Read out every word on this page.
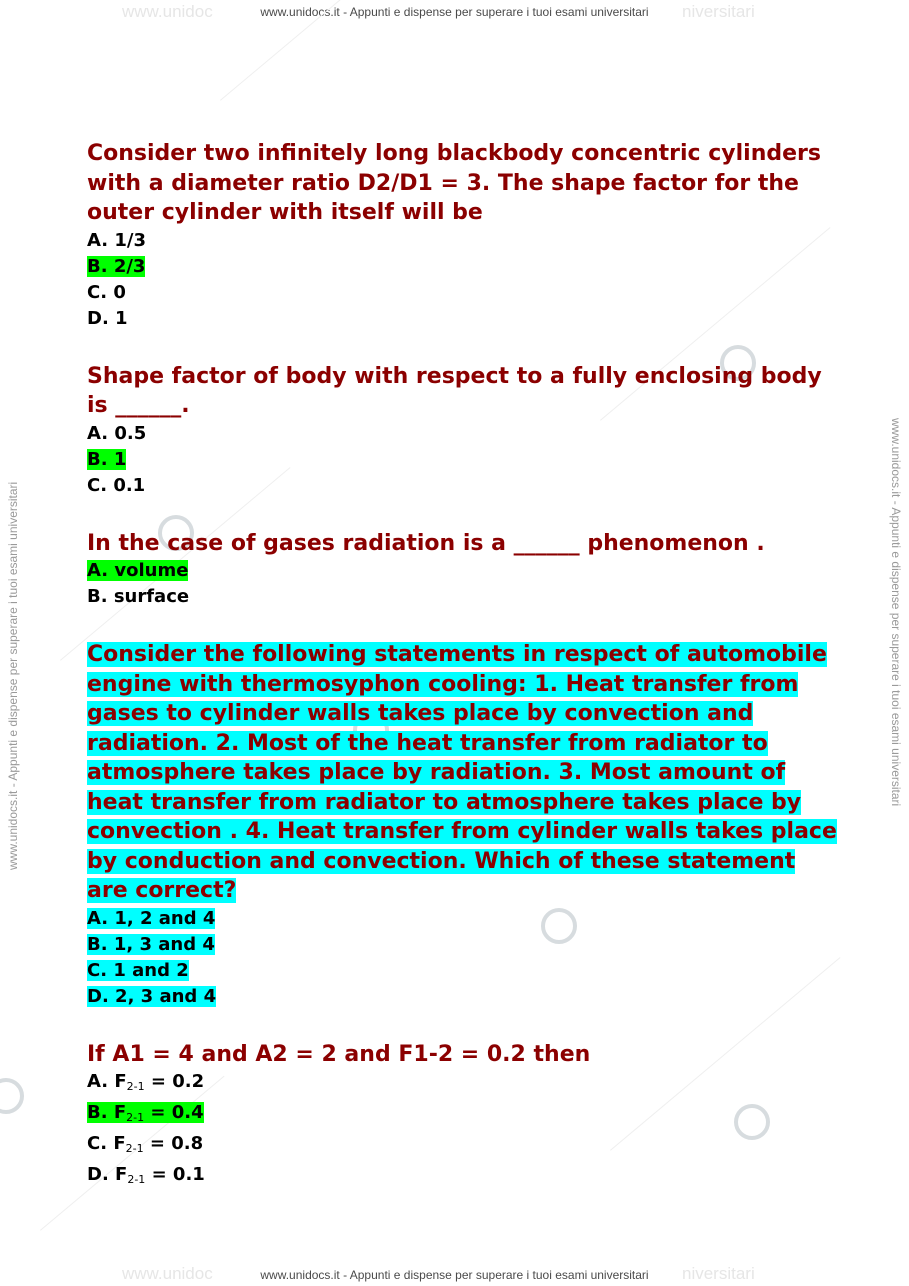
www.unidoc	niversitari
www.unidocs.it - Appunti e dispense per superare i tuoi esami universitari
www.unidoc	niversitari
www.unidocs.it - Appunti e dispense per superare i tuoi esami universitari
www.unidocs.it - Appunti e dispense per superare i tuoi esami universitari	www.unidocs.it - Appunti e dispense per superare i tuoi esami universitari

Consider two infinitely long blackbody concentric cylinders

with a diameter ratio D2/D1 = 3. The shape factor for the

outer cylinder with itself will be

A. 1/3

B. 2/3

C. 0

D. 1

Shape factor of body with respect to a fully enclosing body

is ______.

A. 0.5

B. 1

C. 0.1

In the case of gases radiation is a ______ phenomenon .

A. volume

B. surface

Consider the following statements in respect of automobile

engine with thermosyphon cooling: 1. Heat transfer from

gases to cylinder walls takes place by convection and

radiation. 2. Most of the heat transfer from radiator to

atmosphere takes place by radiation. 3. Most amount of

heat transfer from radiator to atmosphere takes place by

convection . 4. Heat transfer from cylinder walls takes place

by conduction and convection. Which of these statement

are correct?

A. 1, 2 and 4

B. 1, 3 and 4

C. 1 and 2

D. 2, 3 and 4

If A1 = 4 and A2 = 2 and F1-2 = 0.2 then

A. $F_{2-1} = 0.2$

B. $F_{2-1} = 0.4$

C. $F_{2-1} = 0.8$

D. $F_{2-1} = 0.1$
